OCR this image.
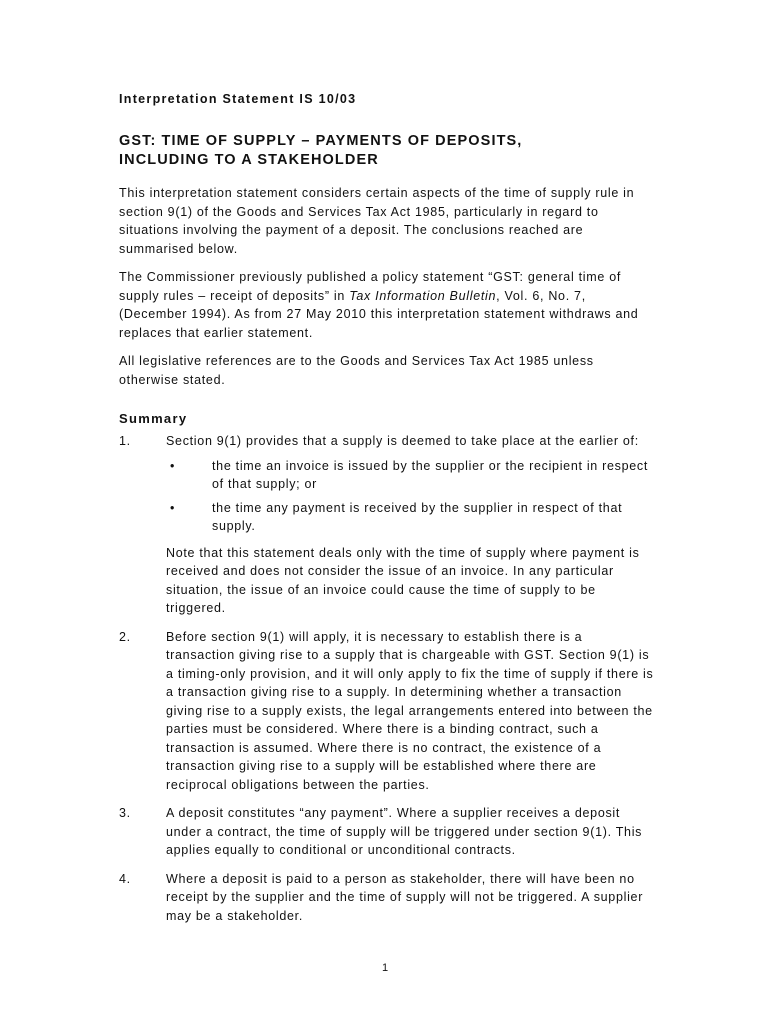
Interpretation Statement IS 10/03
GST: TIME OF SUPPLY – PAYMENTS OF DEPOSITS,
INCLUDING TO A STAKEHOLDER

This interpretation statement considers certain aspects of the time of supply rule in section 9(1) of the Goods and Services Tax Act 1985, particularly in regard to situations involving the payment of a deposit. The conclusions reached are summarised below.

The Commissioner previously published a policy statement “GST: general time of supply rules – receipt of deposits” in Tax Information Bulletin, Vol. 6, No. 7, (December 1994). As from 27 May 2010 this interpretation statement withdraws and replaces that earlier statement.

All legislative references are to the Goods and Services Tax Act 1985 unless otherwise stated.

Summary
1.	Section 9(1) provides that a supply is deemed to take place at the earlier of:

•	the time an invoice is issued by the supplier or the recipient in respect of that supply; or
•	the time any payment is received by the supplier in respect of that supply.

Note that this statement deals only with the time of supply where payment is received and does not consider the issue of an invoice. In any particular situation, the issue of an invoice could cause the time of supply to be triggered.

2.	Before section 9(1) will apply, it is necessary to establish there is a transaction giving rise to a supply that is chargeable with GST. Section 9(1) is a timing-only provision, and it will only apply to fix the time of supply if there is a transaction giving rise to a supply. In determining whether a transaction giving rise to a supply exists, the legal arrangements entered into between the parties must be considered. Where there is a binding contract, such a transaction is assumed. Where there is no contract, the existence of a transaction giving rise to a supply will be established where there are reciprocal obligations between the parties.

3.	A deposit constitutes “any payment”. Where a supplier receives a deposit under a contract, the time of supply will be triggered under section 9(1). This applies equally to conditional or unconditional contracts.

4.	Where a deposit is paid to a person as stakeholder, there will have been no receipt by the supplier and the time of supply will not be triggered. A supplier may be a stakeholder.

1
